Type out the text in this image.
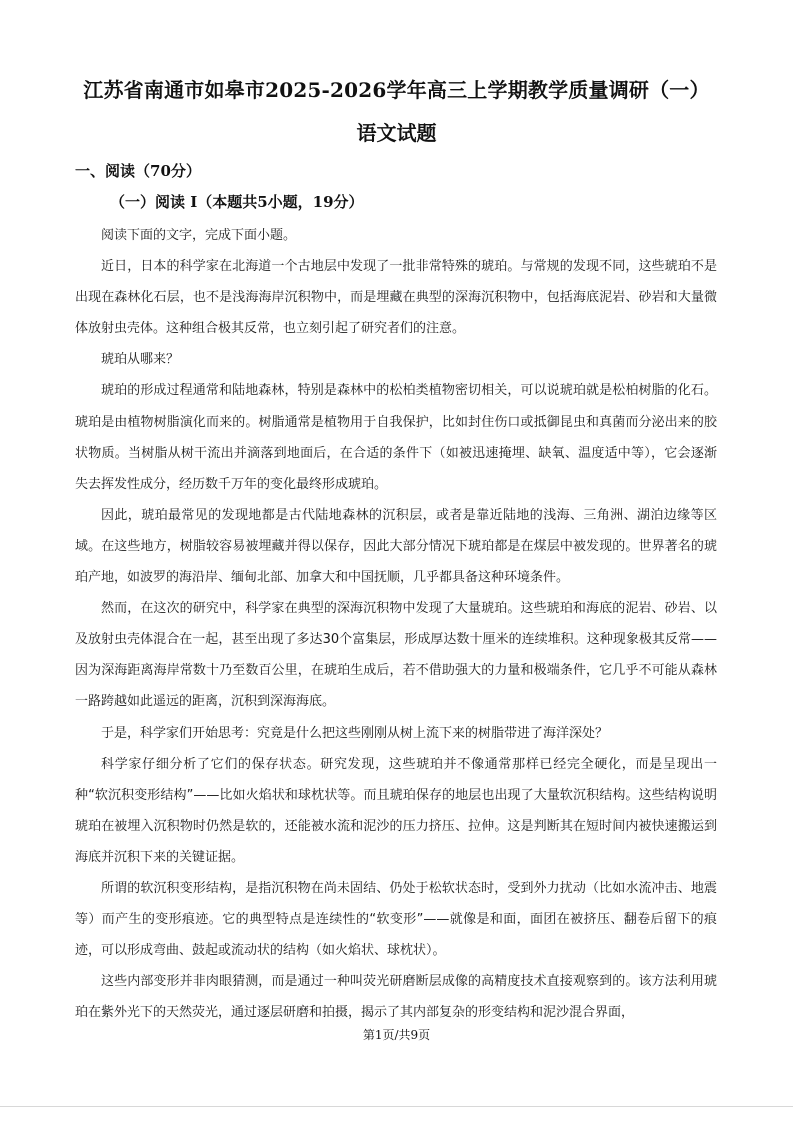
江苏省南通市如皋市2025-2026学年高三上学期教学质量调研（一）
语文试题
一、阅读（70分）
（一）阅读 I（本题共5小题，19分）

阅读下面的文字，完成下面小题。

近日，日本的科学家在北海道一个古地层中发现了一批非常特殊的琥珀。与常规的发现不同，这些琥珀不是出现在森林化石层，也不是浅海海岸沉积物中，而是埋藏在典型的深海沉积物中，包括海底泥岩、砂岩和大量微体放射虫壳体。这种组合极其反常，也立刻引起了研究者们的注意。

琥珀从哪来？

琥珀的形成过程通常和陆地森林，特别是森林中的松柏类植物密切相关，可以说琥珀就是松柏树脂的化石。琥珀是由植物树脂演化而来的。树脂通常是植物用于自我保护，比如封住伤口或抵御昆虫和真菌而分泌出来的胶状物质。当树脂从树干流出并滴落到地面后，在合适的条件下（如被迅速掩埋、缺氧、温度适中等），它会逐渐失去挥发性成分，经历数千万年的变化最终形成琥珀。

因此，琥珀最常见的发现地都是古代陆地森林的沉积层，或者是靠近陆地的浅海、三角洲、湖泊边缘等区域。在这些地方，树脂较容易被埋藏并得以保存，因此大部分情况下琥珀都是在煤层中被发现的。世界著名的琥珀产地，如波罗的海沿岸、缅甸北部、加拿大和中国抚顺，几乎都具备这种环境条件。

然而，在这次的研究中，科学家在典型的深海沉积物中发现了大量琥珀。这些琥珀和海底的泥岩、砂岩、以及放射虫壳体混合在一起，甚至出现了多达30个富集层，形成厚达数十厘米的连续堆积。这种现象极其反常——因为深海距离海岸常数十乃至数百公里，在琥珀生成后，若不借助强大的力量和极端条件，它几乎不可能从森林一路跨越如此遥远的距离，沉积到深海海底。

于是，科学家们开始思考：究竟是什么把这些刚刚从树上流下来的树脂带进了海洋深处？

科学家仔细分析了它们的保存状态。研究发现，这些琥珀并不像通常那样已经完全硬化，而是呈现出一种“软沉积变形结构”——比如火焰状和球枕状等。而且琥珀保存的地层也出现了大量软沉积结构。这些结构说明琥珀在被埋入沉积物时仍然是软的，还能被水流和泥沙的压力挤压、拉伸。这是判断其在短时间内被快速搬运到海底并沉积下来的关键证据。

所谓的软沉积变形结构，是指沉积物在尚未固结、仍处于松软状态时，受到外力扰动（比如水流冲击、地震等）而产生的变形痕迹。它的典型特点是连续性的“软变形”——就像是和面，面团在被挤压、翻卷后留下的痕迹，可以形成弯曲、鼓起或流动状的结构（如火焰状、球枕状）。

这些内部变形并非肉眼猜测，而是通过一种叫荧光研磨断层成像的高精度技术直接观察到的。该方法利用琥珀在紫外光下的天然荧光，通过逐层研磨和拍摄，揭示了其内部复杂的形变结构和泥沙混合界面，

第1页/共9页
